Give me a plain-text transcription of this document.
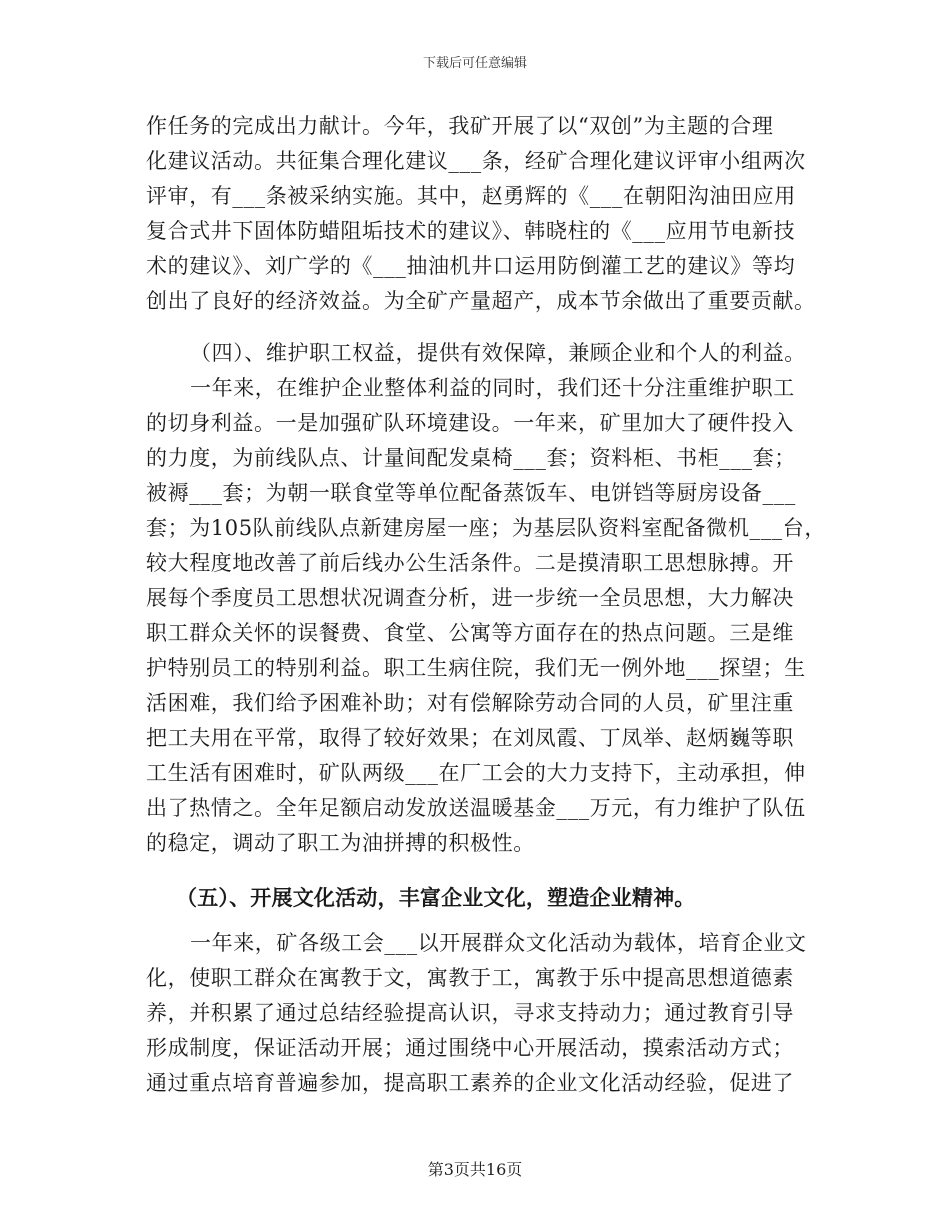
下载后可任意编辑
作任务的完成出力献计。今年，我矿开展了以“双创”为主题的合理
化建议活动。共征集合理化建议___条，经矿合理化建议评审小组两次
评审，有___条被采纳实施。其中，赵勇辉的《___在朝阳沟油田应用
复合式井下固体防蜡阻垢技术的建议》、韩晓柱的《___应用节电新技
术的建议》、刘广学的《___抽油机井口运用防倒灌工艺的建议》等均
创出了良好的经济效益。为全矿产量超产，成本节余做出了重要贡献。
（四）、维护职工权益，提供有效保障，兼顾企业和个人的利益。
一年来，在维护企业整体利益的同时，我们还十分注重维护职工
的切身利益。一是加强矿队环境建设。一年来，矿里加大了硬件投入
的力度，为前线队点、计量间配发桌椅___套；资料柜、书柜___套；
被褥___套；为朝一联食堂等单位配备蒸饭车、电饼铛等厨房设备___
套；为105队前线队点新建房屋一座；为基层队资料室配备微机___台，
较大程度地改善了前后线办公生活条件。二是摸清职工思想脉搏。开
展每个季度员工思想状况调查分析，进一步统一全员思想，大力解决
职工群众关怀的误餐费、食堂、公寓等方面存在的热点问题。三是维
护特别员工的特别利益。职工生病住院，我们无一例外地___探望；生
活困难，我们给予困难补助；对有偿解除劳动合同的人员，矿里注重
把工夫用在平常，取得了较好效果；在刘凤霞、丁凤举、赵炳巍等职
工生活有困难时，矿队两级___在厂工会的大力支持下，主动承担，伸
出了热情之。全年足额启动发放送温暖基金___万元，有力维护了队伍
的稳定，调动了职工为油拼搏的积极性。
（五）、开展文化活动，丰富企业文化，塑造企业精神。
一年来，矿各级工会___以开展群众文化活动为载体，培育企业文
化，使职工群众在寓教于文，寓教于工，寓教于乐中提高思想道德素
养，并积累了通过总结经验提高认识，寻求支持动力；通过教育引导
形成制度，保证活动开展；通过围绕中心开展活动，摸索活动方式；
通过重点培育普遍参加，提高职工素养的企业文化活动经验，促进了
第3页共16页
